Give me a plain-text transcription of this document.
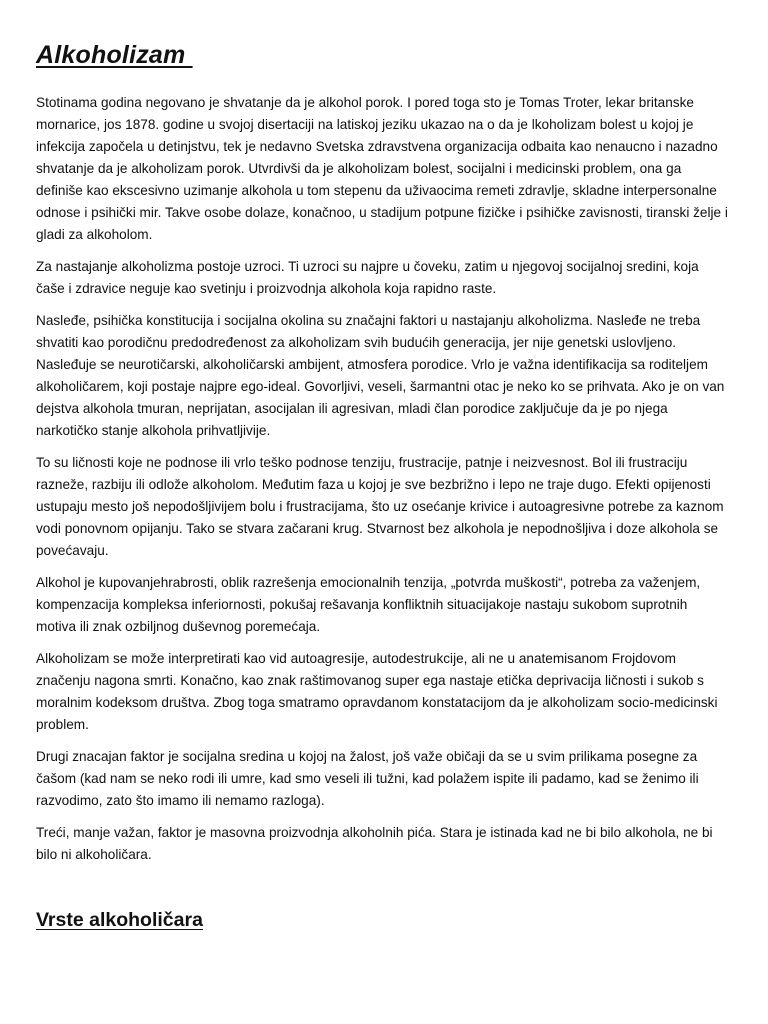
Alkoholizam

Stotinama godina negovano je shvatanje da je alkohol porok. I pored toga sto je Tomas Troter, lekar britanske mornarice, jos 1878. godine u svojoj disertaciji na latiskoj jeziku ukazao na o da je lkoholizam bolest u kojoj je infekcija započela u detinjstvu, tek je nedavno Svetska zdravstvena organizacija odbaita kao nenaucno i nazadno shvatanje da je alkoholizam porok. Utvrdivši da je alkoholizam bolest, socijalni i medicinski problem, ona ga definiše kao ekscesivno uzimanje alkohola u tom stepenu da uživaocima remeti zdravlje, skladne interpersonalne odnose i psihički mir. Takve osobe dolaze, konačnoo, u stadijum potpune fizičke i psihičke zavisnosti, tiranski želje i gladi za alkoholom.

Za nastajanje alkoholizma postoje uzroci. Ti uzroci su najpre u čoveku, zatim u njegovoj socijalnoj sredini, koja čaše i zdravice neguje kao svetinju i proizvodnja alkohola koja rapidno raste.

Nasleđe, psihička konstitucija i socijalna okolina su značajni faktori u nastajanju alkoholizma. Nasleđe ne treba shvatiti kao porodičnu predodređenost za alkoholizam svih budućih generacija, jer nije genetski uslovljeno. Nasleđuje se neurotičarski, alkoholičarski ambijent, atmosfera porodice. Vrlo je važna identifikacija sa roditeljem alkoholičarem, koji postaje najpre ego-ideal. Govorljivi, veseli, šarmantni otac je neko ko se prihvata. Ako je on van dejstva alkohola tmuran, neprijatan, asocijalan ili agresivan, mladi član porodice zaključuje da je po njega narkotičko stanje alkohola prihvatljivije.

To su ličnosti koje ne podnose ili vrlo teško podnose tenziju, frustracije, patnje i neizvesnost. Bol ili frustraciju razneže, razbiju ili odlože alkoholom. Međutim faza u kojoj je sve bezbrižno i lepo ne traje dugo. Efekti opijenosti ustupaju mesto još nepodošljivijem bolu i frustracijama, što uz osećanje krivice i autoagresivne potrebe za kaznom vodi ponovnom opijanju. Tako se stvara začarani krug. Stvarnost bez alkohola je nepodnošljiva i doze alkohola se povećavaju.

Alkohol je kupovanjehrabrosti, oblik razrešenja emocionalnih tenzija, „potvrda muškosti“, potreba za važenjem, kompenzacija kompleksa inferiornosti, pokušaj rešavanja konfliktnih situacijakoje nastaju sukobom suprotnih motiva ili znak ozbiljnog duševnog poremećaja.

Alkoholizam se može interpretirati kao vid autoagresije, autodestrukcije, ali ne u anatemisanom Frojdovom značenju nagona smrti. Konačno, kao znak raštimovanog super ega nastaje etička deprivacija ličnosti i sukob s moralnim kodeksom društva. Zbog toga smatramo opravdanom konstatacijom da je alkoholizam socio-medicinski problem.

Drugi znacajan faktor je socijalna sredina u kojoj na žalost, još važe običaji da se u svim prilikama posegne za čašom (kad nam se neko rodi ili umre, kad smo veseli ili tužni, kad polažem ispite ili padamo, kad se ženimo ili razvodimo, zato što imamo ili nemamo razloga).

Treći, manje važan, faktor je masovna proizvodnja alkoholnih pića. Stara je istinada kad ne bi bilo alkohola, ne bi bilo ni alkoholičara.

Vrste alkoholičara
